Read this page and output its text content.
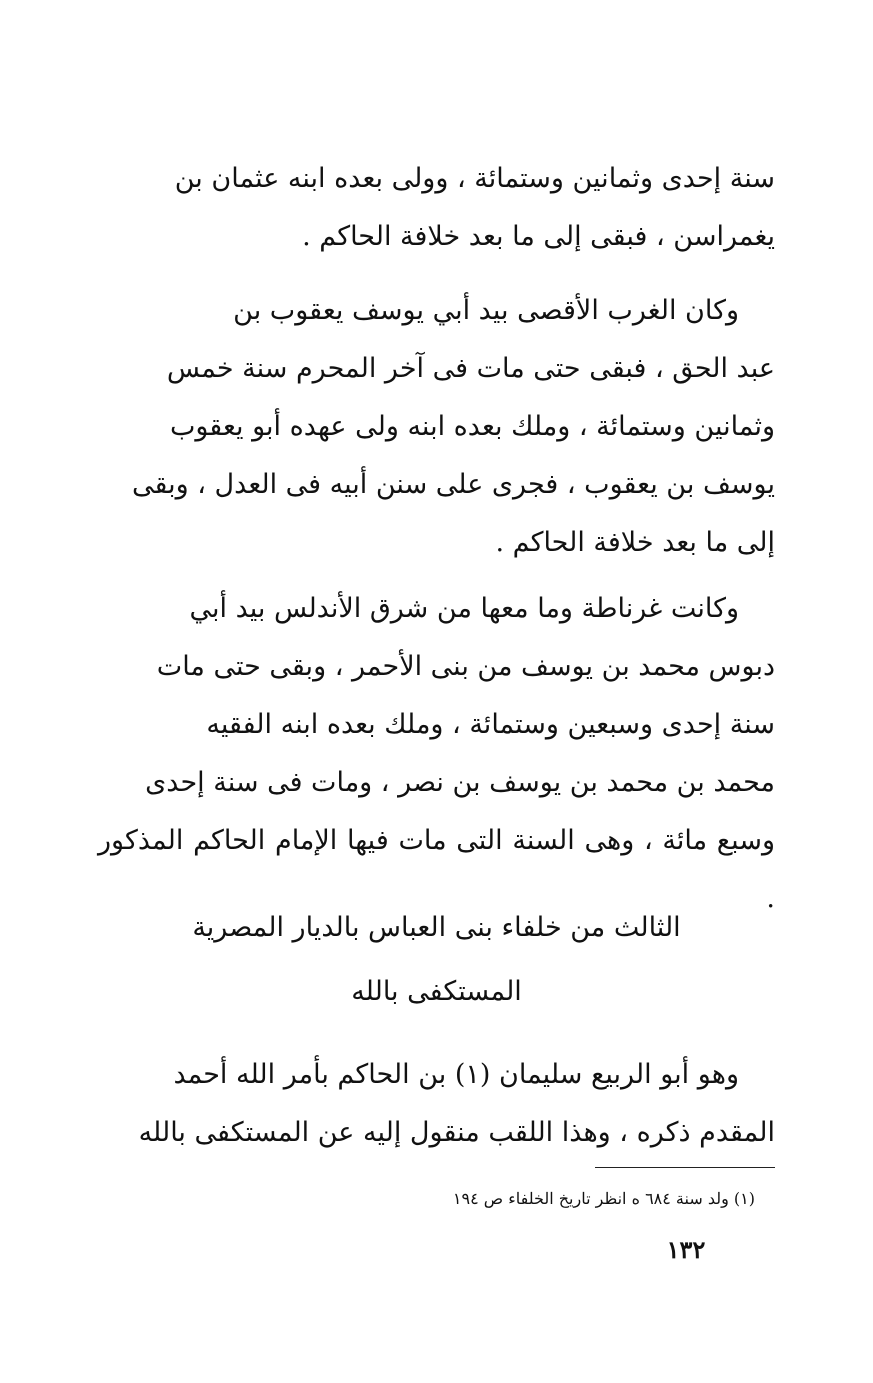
سنة إحدى وثمانين وستمائة ، وولى بعده ابنه عثمان بن

يغمراسن ، فبقى إلى ما بعد خلافة الحاكم .

وكان الغرب الأقصى بيد أبي يوسف يعقوب بن

عبد الحق ، فبقى حتى مات فى آخر المحرم سنة خمس

وثمانين وستمائة ، وملك بعده ابنه ولى عهده أبو يعقوب

يوسف بن يعقوب ، فجرى على سنن أبيه فى العدل ، وبقى

إلى ما بعد خلافة الحاكم .

وكانت غرناطة وما معها من شرق الأندلس بيد أبي

دبوس محمد بن يوسف من بنى الأحمر ، وبقى حتى مات

سنة إحدى وسبعين وستمائة ، وملك بعده ابنه الفقيه

محمد بن محمد بن يوسف بن نصر ، ومات فى سنة إحدى

وسبع مائة ، وهى السنة التى مات فيها الإمام الحاكم المذكور .

الثالث من خلفاء بنى العباس بالديار المصرية

المستكفى بالله

وهو أبو الربيع سليمان (١) بن الحاكم بأمر الله أحمد

المقدم ذكره ، وهذا اللقب منقول إليه عن المستكفى بالله

(١) ولد سنة ٦٨٤ ه انظر تاريخ الخلفاء ص ١٩٤

١٣٢
